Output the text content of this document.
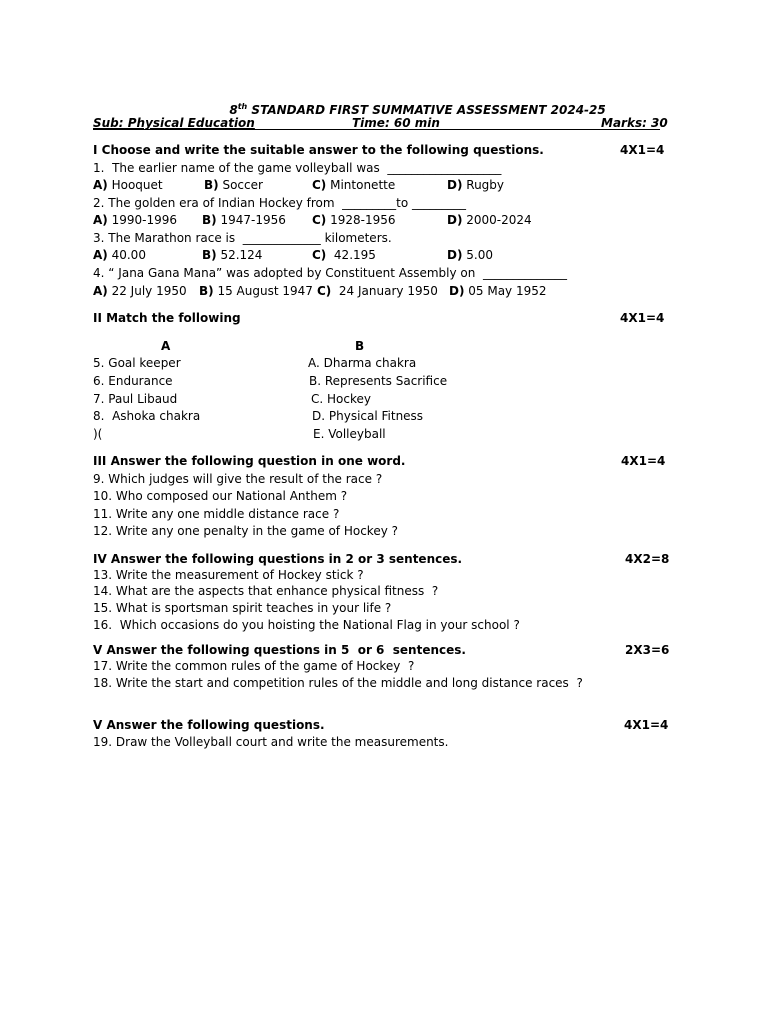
8th STANDARD FIRST SUMMATIVE ASSESSMENT 2024-25

Sub: Physical Education	Time: 60 min	Marks: 30
I Choose and write the suitable answer to the following questions.	4X1=4
1.  The earlier name of the game volleyball was  ___________________
A) Hooquet	B) Soccer	C) Mintonette	D) Rugby
2. The golden era of Indian Hockey from  _________to _________
A) 1990-1996 B) 1947-1956 C) 1928-1956	D) 2000-2024
3. The Marathon race is  _____________ kilometers.
A) 40.00	B) 52.124	C)  42.195	D) 5.00
4. “ Jana Gana Mana” was adopted by Constituent Assembly on  ______________
A) 22 July 1950 B) 15 August 1947 C)  24 January 1950 D) 05 May 1952
II Match the following	4X1=4
A	B
5. Goal keeper	A. Dharma chakra
6. Endurance	B. Represents Sacrifice
7. Paul Libaud	C. Hockey
8.  Ashoka chakra	D. Physical Fitness
)(	E. Volleyball
III Answer the following question in one word.	4X1=4
9. Which judges will give the result of the race ?
10. Who composed our National Anthem ?
11. Write any one middle distance race ?
12. Write any one penalty in the game of Hockey ?
IV Answer the following questions in 2 or 3 sentences.	4X2=8
13. Write the measurement of Hockey stick ?
14. What are the aspects that enhance physical fitness  ?
15. What is sportsman spirit teaches in your life ?
16.  Which occasions do you hoisting the National Flag in your school ?
V Answer the following questions in 5  or 6  sentences.	2X3=6
17. Write the common rules of the game of Hockey  ?
18. Write the start and competition rules of the middle and long distance races  ?
V Answer the following questions.	4X1=4
19. Draw the Volleyball court and write the measurements.
